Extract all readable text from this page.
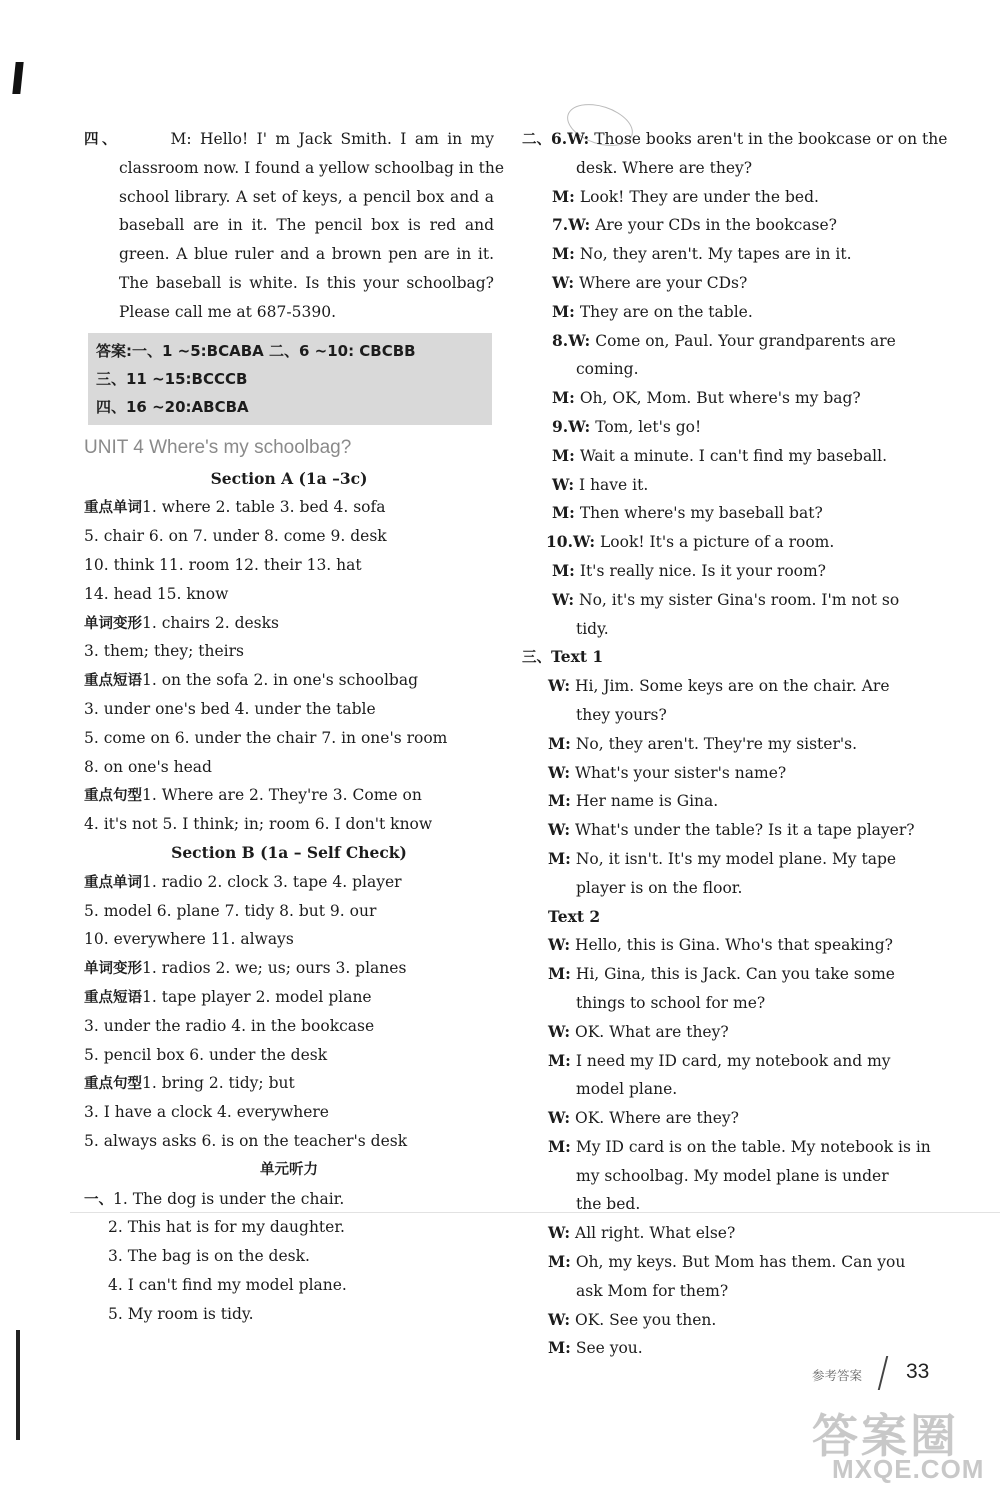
四、	M: Hello! I' m Jack Smith. I am in my
classroom now. I found a yellow schoolbag in the
school library. A set of keys, a pencil box and a
baseball are in it. The pencil box is red and
green. A blue ruler and a brown pen are in it.
The baseball is white. Is this your schoolbag?
Please call me at 687-5390.
答案:一、1 ~5:BCABA 二、6 ~10: CBCBB
三、11 ~15:BCCCB
四、16 ~20:ABCBA
UNIT 4 Where's my schoolbag?
Section A (1a –3c)
重点单词1. where 2. table 3. bed 4. sofa
5. chair 6. on 7. under 8. come 9. desk
10. think 11. room 12. their 13. hat
14. head 15. know
单词变形1. chairs 2. desks
3. them; they; theirs
重点短语1. on the sofa 2. in one's schoolbag
3. under one's bed 4. under the table
5. come on 6. under the chair 7. in one's room
8. on one's head
重点句型1. Where are 2. They're 3. Come on
4. it's not 5. I think; in; room 6. I don't know
Section B (1a – Self Check)
重点单词1. radio 2. clock 3. tape 4. player
5. model 6. plane 7. tidy 8. but 9. our
10. everywhere 11. always
单词变形1. radios 2. we; us; ours 3. planes
重点短语1. tape player 2. model plane
3. under the radio 4. in the bookcase
5. pencil box 6. under the desk
重点句型1. bring 2. tidy; but
3. I have a clock 4. everywhere
5. always asks 6. is on the teacher's desk
单元听力
一、1. The dog is under the chair.
2. This hat is for my daughter.
3. The bag is on the desk.
4. I can't find my model plane.
5. My room is tidy.
二、6.W: Those books aren't in the bookcase or on the
desk. Where are they?
M: Look! They are under the bed.
7.W: Are your CDs in the bookcase?
M: No, they aren't. My tapes are in it.
W: Where are your CDs?
M: They are on the table.
8.W: Come on, Paul. Your grandparents are
coming.
M: Oh, OK, Mom. But where's my bag?
9.W: Tom, let's go!
M: Wait a minute. I can't find my baseball.
W: I have it.
M: Then where's my baseball bat?
10.W: Look! It's a picture of a room.
M: It's really nice. Is it your room?
W: No, it's my sister Gina's room. I'm not so
tidy.
三、Text 1
W: Hi, Jim. Some keys are on the chair. Are
they yours?
M: No, they aren't. They're my sister's.
W: What's your sister's name?
M: Her name is Gina.
W: What's under the table? Is it a tape player?
M: No, it isn't. It's my model plane. My tape
player is on the floor.
Text 2
W: Hello, this is Gina. Who's that speaking?
M: Hi, Gina, this is Jack. Can you take some
things to school for me?
W: OK. What are they?
M: I need my ID card, my notebook and my
model plane.
W: OK. Where are they?
M: My ID card is on the table. My notebook is in
my schoolbag. My model plane is under
the bed.
W: All right. What else?
M: Oh, my keys. But Mom has them. Can you
ask Mom for them?
W: OK. See you then.
M: See you.
参考答案 33
答案圈
MXQE.COM
